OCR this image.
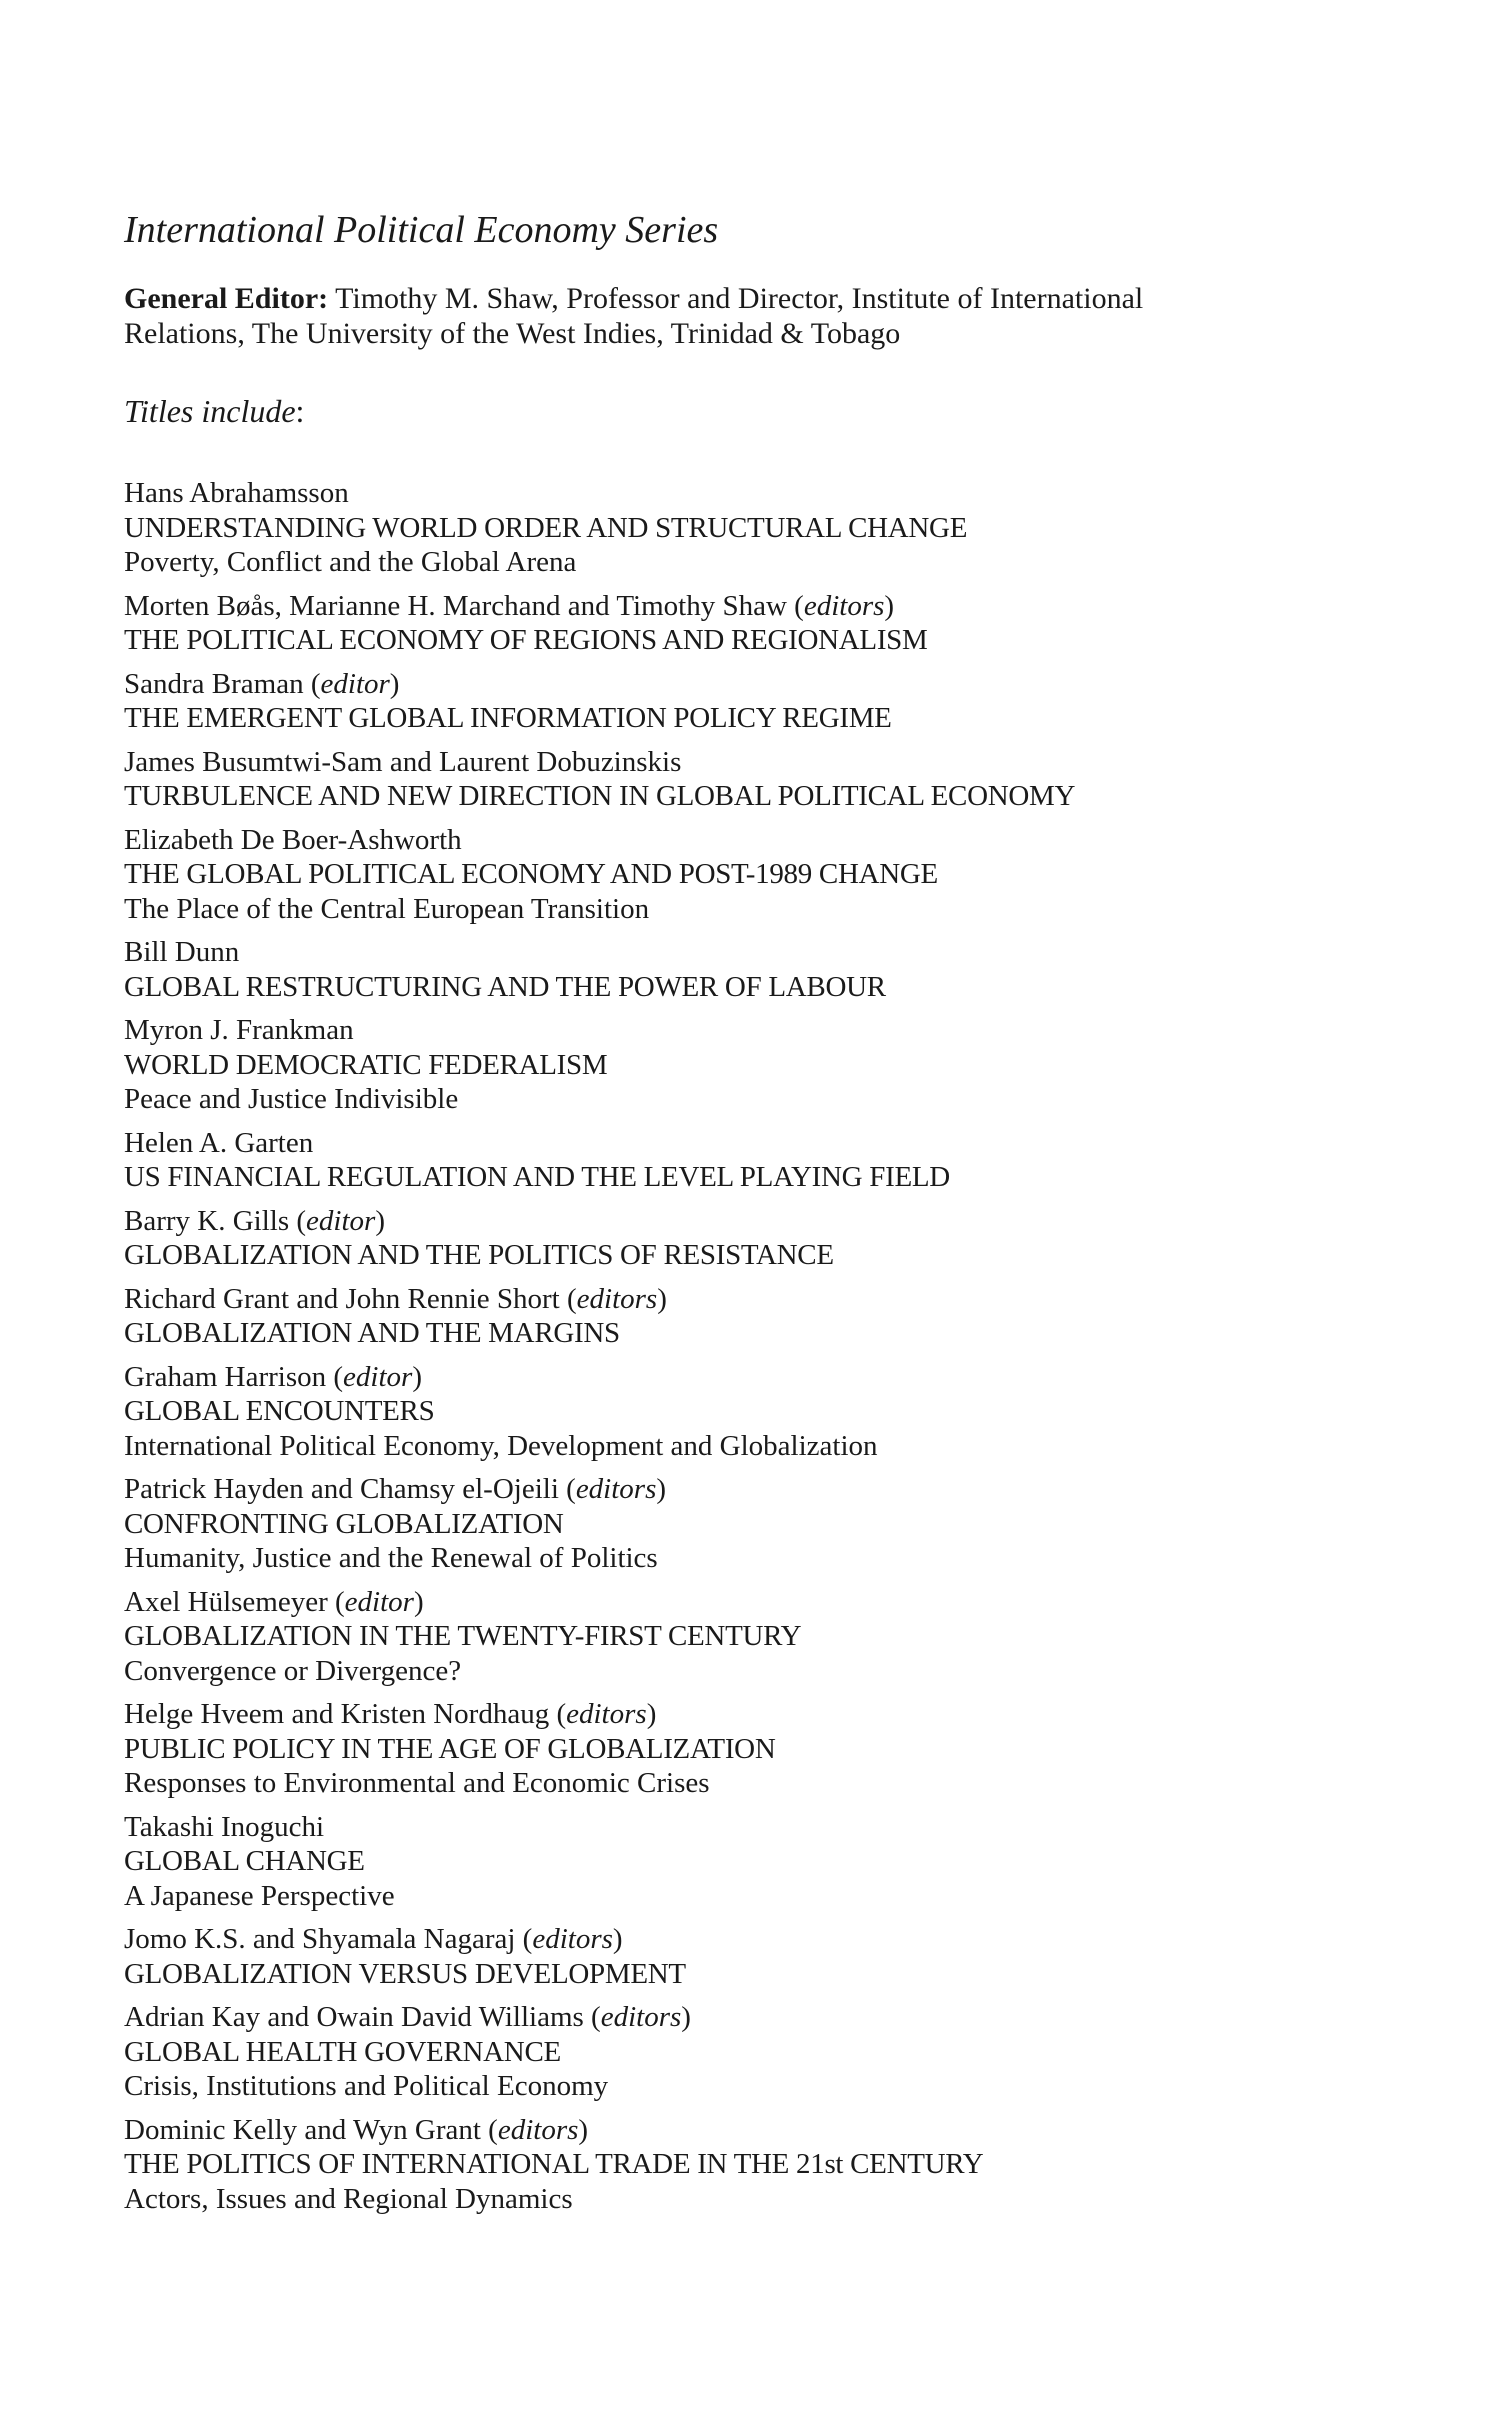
International Political Economy Series

General Editor: Timothy M. Shaw, Professor and Director, Institute of International
Relations, The University of the West Indies, Trinidad & Tobago

Titles include:
Hans Abrahamsson
UNDERSTANDING WORLD ORDER AND STRUCTURAL CHANGE
Poverty, Conflict and the Global Arena
Morten Bøås, Marianne H. Marchand and Timothy Shaw (editors)
THE POLITICAL ECONOMY OF REGIONS AND REGIONALISM
Sandra Braman (editor)
THE EMERGENT GLOBAL INFORMATION POLICY REGIME
James Busumtwi-Sam and Laurent Dobuzinskis
TURBULENCE AND NEW DIRECTION IN GLOBAL POLITICAL ECONOMY
Elizabeth De Boer-Ashworth
THE GLOBAL POLITICAL ECONOMY AND POST-1989 CHANGE
The Place of the Central European Transition
Bill Dunn
GLOBAL RESTRUCTURING AND THE POWER OF LABOUR
Myron J. Frankman
WORLD DEMOCRATIC FEDERALISM
Peace and Justice Indivisible
Helen A. Garten
US FINANCIAL REGULATION AND THE LEVEL PLAYING FIELD
Barry K. Gills (editor)
GLOBALIZATION AND THE POLITICS OF RESISTANCE
Richard Grant and John Rennie Short (editors)
GLOBALIZATION AND THE MARGINS
Graham Harrison (editor)
GLOBAL ENCOUNTERS
International Political Economy, Development and Globalization
Patrick Hayden and Chamsy el-Ojeili (editors)
CONFRONTING GLOBALIZATION
Humanity, Justice and the Renewal of Politics
Axel Hülsemeyer (editor)
GLOBALIZATION IN THE TWENTY-FIRST CENTURY
Convergence or Divergence?
Helge Hveem and Kristen Nordhaug (editors)
PUBLIC POLICY IN THE AGE OF GLOBALIZATION
Responses to Environmental and Economic Crises
Takashi Inoguchi
GLOBAL CHANGE
A Japanese Perspective
Jomo K.S. and Shyamala Nagaraj (editors)
GLOBALIZATION VERSUS DEVELOPMENT
Adrian Kay and Owain David Williams (editors)
GLOBAL HEALTH GOVERNANCE
Crisis, Institutions and Political Economy
Dominic Kelly and Wyn Grant (editors)
THE POLITICS OF INTERNATIONAL TRADE IN THE 21st CENTURY
Actors, Issues and Regional Dynamics
